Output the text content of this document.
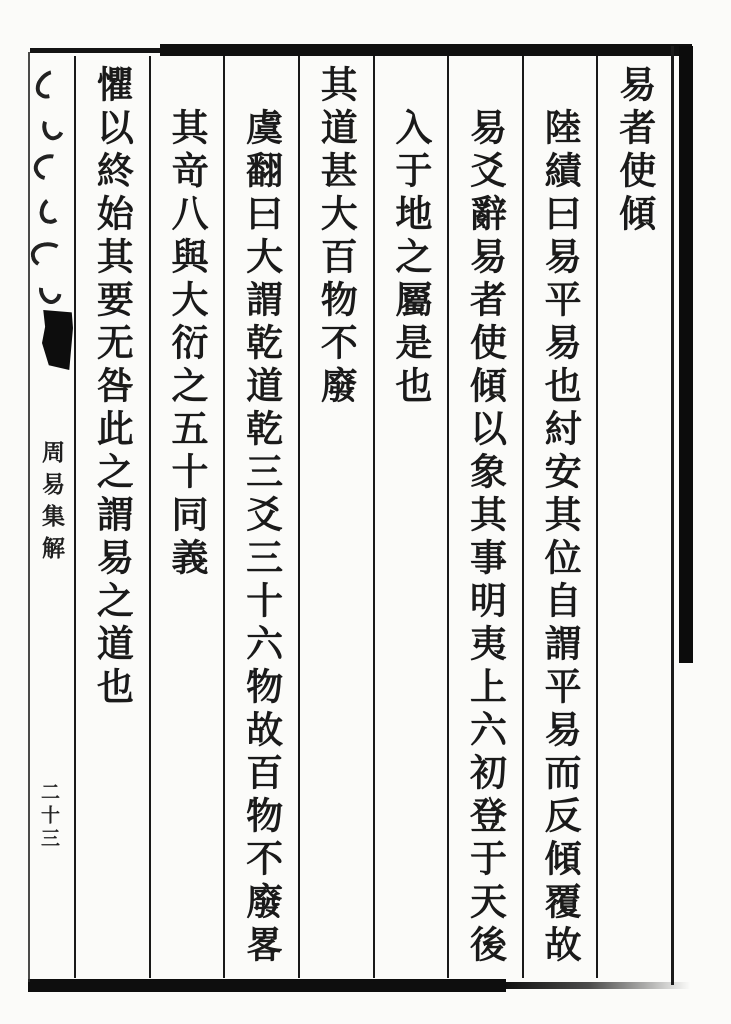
易者使傾
陸績曰易平易也紂安其位自謂平易而反傾覆故
易爻辭易者使傾以象其事明夷上六初登于天後
入于地之屬是也
其道甚大百物不廢
虞翻曰大謂乾道乾三爻三十六物故百物不廢畧
其竒八與大衍之五十同義
懼以終始其要无咎此之謂易之道也
周易集解
二十三
